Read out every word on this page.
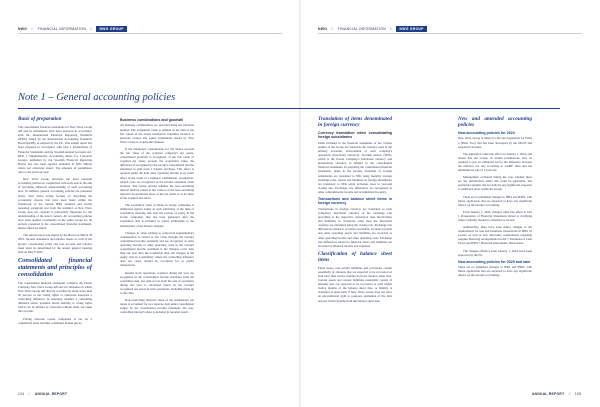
NWG // FINANCIAL INFORMATION //	NWG GROUP	NWG // FINANCIAL INFORMATION //	NWG GROUP
Note 1 – General accounting policies
Basis of preparation

The consolidated financial statements for New Wave Group AB and its subsidiaries have been prepared in accordance with the International Financial Reporting Standards (IFRS), issued by the International Accounting Standards Board (IASB), as adopted by the EU. This annual report has been prepared in accordance with IAS 1 Presentation of Financial Statements and the Swedish Annual Accounts Act. RFR 1 Supplementary Accounting Rules for Corporate Groups, published by the Swedish Financial Reporting Board, has also been applied. Amounts in SEK million where not otherwise stated. The amounts in parentheses refer to the previous year.

New Wave Group describes the most essential accounting policies in conjunction with each note in the aim of providing enhanced understanding of each accounting area. In addition, general accounting policies are presented below. New Wave Group focuses on describing the accounting choices that have been made within the framework of the current IFRS standard and avoids repeating paragraph text from the standard. A New Wave Group does not consider it particularly important for the understanding of the note's content. All accounting policies have been applied consistently in the entire Group for all periods presented in the consolidated financial statements, unless otherwise stated.

The annual report was signed by the Board on March 28 2025. Income statements and balance sheets as well as the group's consolidated profit and loss account and balance sheet must be determined by the annual general meeting held on May 6 2025.

Consolidated financial statements and principles of consolidation

The consolidated financial statements comprise the Parent Company New Wave Group AB and all companies in which New Wave Group AB directly or indirectly holds more than 50 percent of the voting rights or otherwise exercises a controlling influence. In assessing whether a controlling influence exists, potential shares entitling to voting rights which can be utilised or converted without delay are taken into account.

Pricing between Group companies is set on a commercial basis and thus constitutes market prices.

Business combinations and goodwill

All business combinations are recorded using the purchase method. The acquisition value is defined as the sum of the fair values of the assets transferred, liabilities incurred to previous owners and equity instruments issued by New Wave Group to acquire the business.

If the mentioned consideration for the shares exceeds the fair value of the acquired company's net assets, consolidated goodwill is recognised. If the fair value of acquired net assets exceeds the acquisition value, the difference is recognised in the Group's consolidated income statement as gain from a bargain purchase. This effect is reported under the item other operating income as no profit effect in the event of a business combination. Acquisition-related costs are recognised in the income statement when incurred. The Group decides whether the non-controlling interest shall be valued at fair value or at the non-controlling interest's proportionate share of the net assets or at its share of the acquired net assets.

The acquisition value of shares in Group companies is eliminated against equity in each subsidiary at the time of acquisition, meaning that only the portion of equity in the Group companies that has been generated after the acquisition date is included in equity attributable to the shareholders of the Parent company.

Changes in value relating to contracted supplementary consideration is valued at fair value through the Group's consolidated income statement and are recognised as other operating income or other operating costs in the Group's consolidated income statement if the changes occur later than one year after the acquisition date. All changes in the equity ratio in a subsidiary where the controlling influence does not cease, should be accounted for as equity transactions.

Results from operations acquired during the year are recognised in the consolidated income statement from the acquisition date, any gain or loss from the sale of operations during the year is calculated based on the Group's recognised net assets in such operations, including made up to this date.

Non-controlling interest's share of the subsidiaries' net assets is accounted for as a separate item under consolidated equity. In the consolidated income statement, the non-controlling interest's share is included in reported result.

Translation of items denominated in foreign currency
Currency translation when consolidating foreign subsidiaries

Items included in the financial statements of the various entities of the Group are valued in the currency used in the primary economic environment of each company's operations (functional currency). Swedish kronor (SEK), which is the Parent Company's functional currency and presentation currency, is utilised in the consolidated financial statements. In preparing the consolidated financial statements, items in the income statement of foreign subsidiaries are translated to SEK using monthly average exchange rates. Assets and liabilities in foreign subsidiaries are translated to SEK using exchange rates at year-end closing rate. Exchange rate differences are recognised in other comprehensive income and accumulated in equity.

Transactions and balance sheet items in foreign currency

Transactions in foreign currency are translated to each company's functional currency at the exchange rate prevailing at the respective transaction date. Receivables and liabilities in currencies other than the functional currency are translated using the closing rate. Exchange rate differences related to accounts receivable, accounts payable and other operating assets and liabilities are recorded as other operating income and other operating costs. Exchange rate differences related to financial assets and liabilities are recorded as financial income and expenses.

Classification of balance sheet items

Fixed assets, non-current liabilities and provisions consist essentially of amounts that are expected to be recovered or paid later than twelve months from the balance sheet date. Current assets and current liabilities essentially consist of amounts that are expected to be recovered or paid within twelve months of the balance sheet date. A liability is classified as short-term if New Wave Group does not have an unconditional right to postpone settlement of the debt beyond twelve months from the balance sheet date.

New and amended accounting policies
New accounting policies for 2024

New Wave Group is subject to the new legislation for Pillar 2 (Pillar Two) that has been developed by the OECD and adopted in Sweden.

The legislation came into effect on January 1, 2024, and means that the Group, in certain jurisdictions, may be required to pay an additional tax for the difference between the effective tax rate according to GloBE rules and the minimum tax rate of 15 percent.

Management evaluated during the year whether there are any jurisdictions where this could be applicable. The performed analysis did not indicate any significant exposure to additional taxes within the Group.

There are no published changes to IFRS and IFRIC with future application that are expected to have any significant impact on the Group's accounting.

From January 1, 2024, changes came into effect to IAS 1 Presentation of Financial Statements aimed at clarifying when a liability should be classified as current.

Additionally, there have been minor changes to the requirements for sale and leaseback transactions in IFRS 16 Leases, as well as new disclosure requirements regarding supplier financing arrangements in IAS 7 Statement of Cash Flows and IFRS 7 Financial Instruments: Disclosures.

The changes effective from January 1, 2024, have been approved by the EU.

New accounting policies for 2025 and later

There are no published changes to IFRS and IFRIC with future application that are expected to have any significant impact on the Group's accounting.

104 // ANNUAL REPORT	ANNUAL REPORT // 105
